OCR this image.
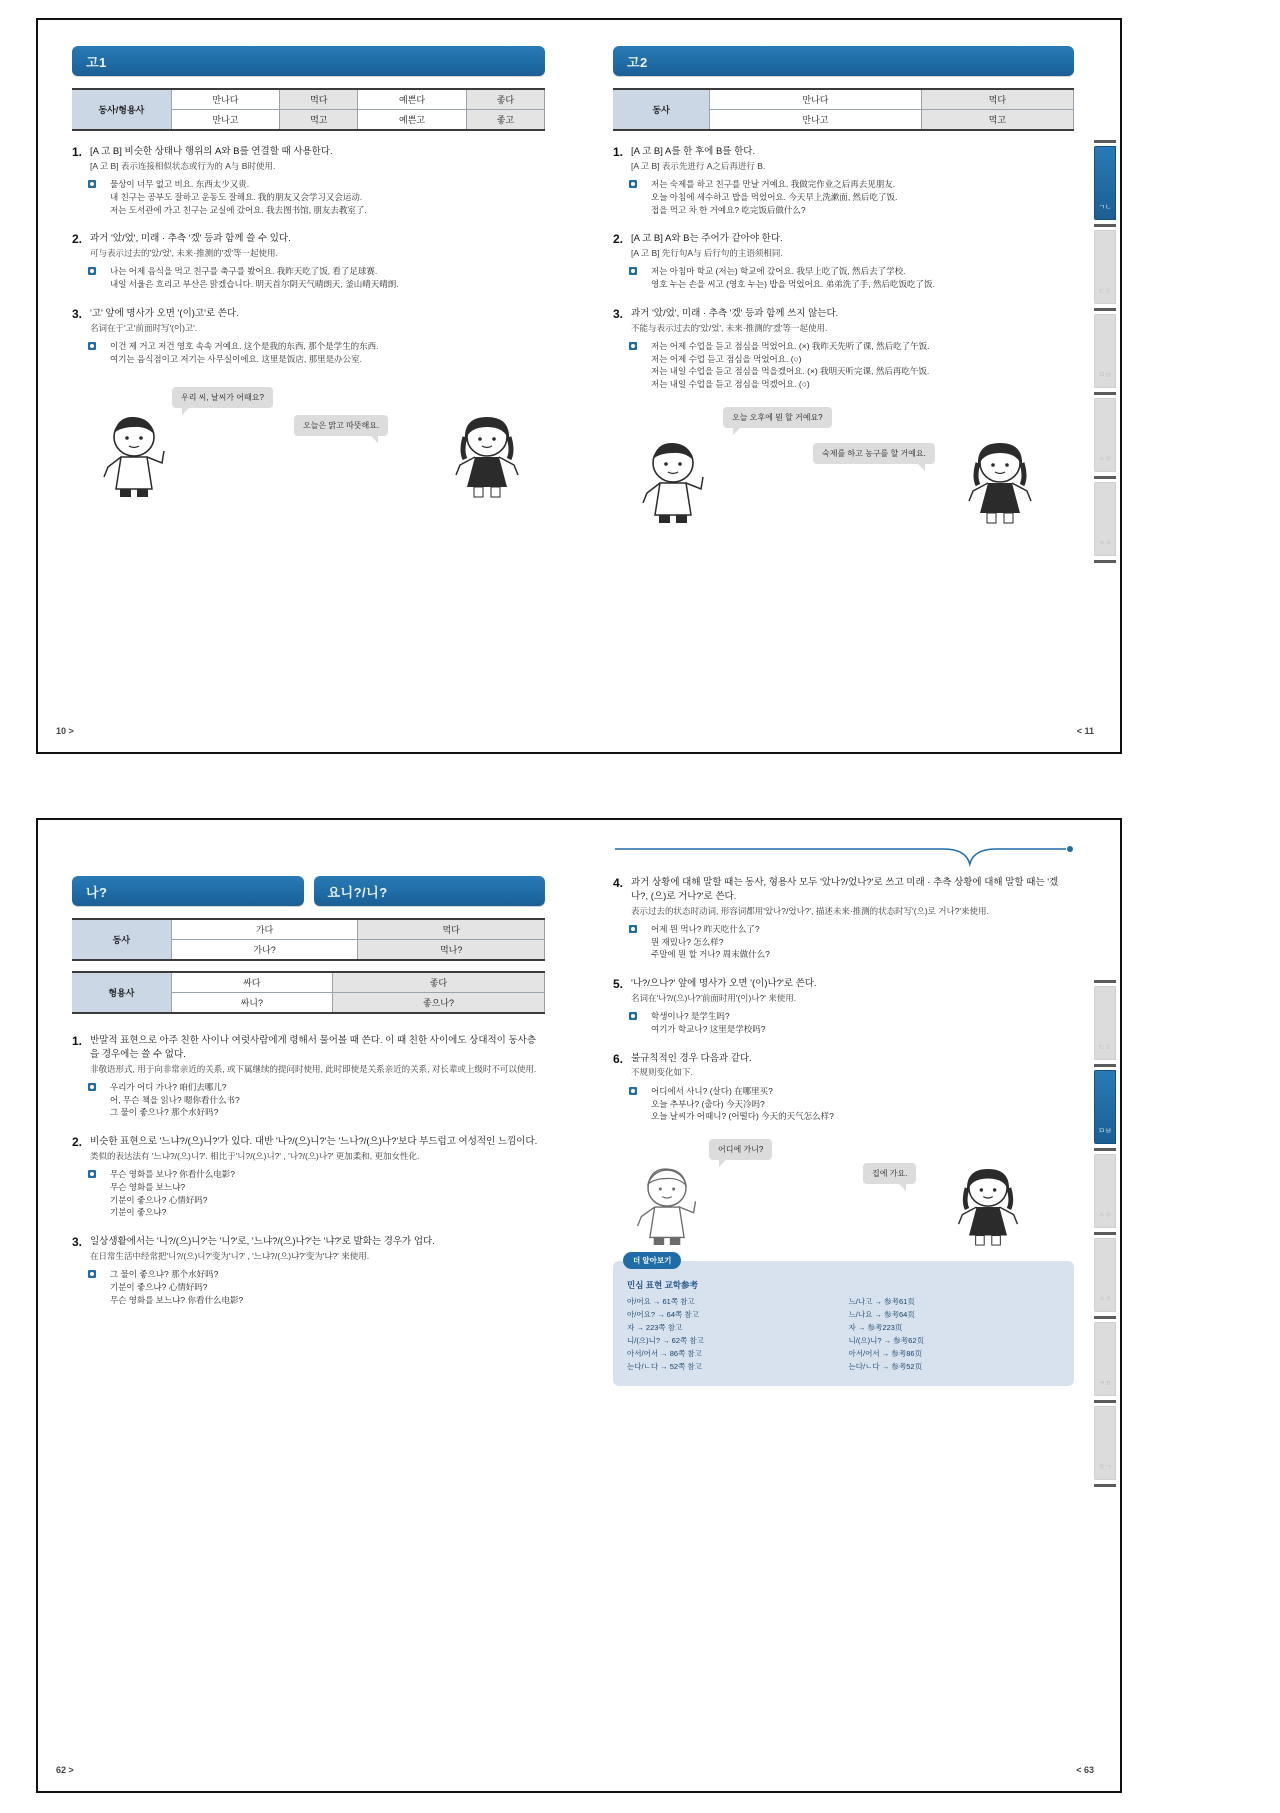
고1
동사/형용사	만나다	먹다	예쁜다	좋다
	만나고	먹고	예쁜고	좋고
1. [A 고 B] 비슷한 상태나 행위의 A와 B를 연결할 때 사용한다.
[A 고 B] 表示连接相似状态或行为的 A与 B时使用.
물상이 너무 없고 비요. 东西太少又贵.
내 친구는 공부도 잘하고 운동도 잘해요. 我的朋友又会学习又会运动.
저는 도서관에 가고 친구는 교실에 갔어요. 我去图书馆, 朋友去教室了.
2. 과거 '았/었', 미래 · 추측 '겠' 등과 함께 쓸 수 있다.
可与表示过去的'았/었', 未来·推测的'겠'等一起使用.
나는 어제 음식을 먹고 친구를 축구를 봤어요. 我昨天吃了饭, 看了足球赛.
내일 서울은 흐리고 부산은 맑겠습니다. 明天首尔阴天气晴朗天, 釜山晴天晴朗.
3. '고' 앞에 명사가 오면 '(이)고'로 쓴다.
名词在于'고'前面时写'(이)고'.
이건 제 거고 저건 영호 속속 거예요. 这个是我的东西, 那个是学生的东西.
여기는 음식점이고 저기는 사무실이에요. 这里是饭店, 那里是办公室.
우리 씨, 날씨가 어때요?
오늘은 맑고 따뜻해요.
10 >
고2
동사	만나다	먹다
	만나고	먹고
1. [A 고 B] A를 한 후에 B를 한다.
[A 고 B] 表示先进行 A之后再进行 B.
저는 숙제를 하고 친구를 만날 거예요. 我做完作业之后再去见朋友.
오늘 아침에 세수하고 밥을 먹었어요. 今天早上洗漱面, 然后吃了饭.
접을 먹고 차 한 거예요? 吃完饭后做什么?
2. [A 고 B] A와 B는 주어가 같아야 한다.
[A 고 B] 先行句A与 后行句的主语须相同.
저는 아침마 학교 (저는) 학교에 갔어요. 我早上吃了饭, 然后去了学校.
영호 누는 손을 씨고 (영호 누는) 밥을 먹었어요. 弟弟洗了手, 然后吃饭吃了饭.
3. 과거 '았/었', 미래 · 추측 '겠' 등과 함께 쓰지 않는다.
不能与表示过去的'았/었', 未来·推测的'겠'等一起使用.
저는 어제 수업을 듣고 점심을 먹었어요. (×) 我昨天先听了课, 然后吃了午饭.
저는 어제 수업 듣고 점심을 먹었어요. (○)
저는 내일 수업을 듣고 점심을 먹을겠어요. (×) 我明天听完课, 然后再吃午饭.
저는 내일 수업을 듣고 점심을 먹겠어요. (○)
오늘 오후에 뭔 할 거예요?
숙제를 하고 농구를 할 거예요.
ㄱㄴ
ㄷㄹ
ㅁㅂ
ㅅㅇ
ㅈㅊ
< 11
나?	요니?/니?
동사	가다	먹다
	가나?	먹나?
형용사	싸다	좋다
	싸니?	좋으나?
1. 반말적 표현으로 아주 친한 사이나 여럿사람에게 령해서 물어볼 때 쓴다. 이 때 친한 사이에도 상대적이 동사층을 경우에는 쓸 수 없다.
非敬语形式, 用于向非常亲近的关系, 或下属继续的提问时使用, 此时即使是关系亲近的关系, 对长辈或上级时不可以使用.
우리가 어디 가나? 咱们去哪儿?
어, 무슨 책을 읽나? 嗯你看什么书?
그 물이 좋으나? 那个水好吗?
2. 비슷한 표현으로 '느냐?/(으)니?'가 있다. 대반 '나?/(으)니?'는 '느나?/(으)나?'보다 부드럽고 여성적인 느낌이다.
类似的表达法有 '느냐?/(으)니?'. 相比于'니?/(으)니?' , '나?/(으)나?' 更加柔和, 更加女性化.
무슨 영화를 보나? 你看什么电影?
무슨 영화를 보느냐?
기분이 좋으나? 心情好吗?
기분이 좋으냐?
3. 일상생활에서는 '니?/(으)니?'는 '니?'로, '느냐?/(으)나?'는 '냐?'로 발화는 경우가 업다.
在日常生活中经常把'니?/(으)니?'变为'니?' , '느냐?/(으)냐?'变为'냐?' 来使用.
그 물이 좋으냐? 那个水好吗?
기분이 좋으냐? 心情好吗?
무슨 영화를 보느냐? 你看什么电影?
62 >
4. 과거 상황에 대해 말할 때는 동사, 형용사 모두 '았나?/었나?'로 쓰고 미래 · 추측 상황에 대해 말할 때는 '겠나?, (으)로 거나?'로 쓴다.
表示过去的状态时动词, 形容词都用'았나?/었나?', 描述未来·推测的状态时写'(으)로 거나?'来使用.
어제 뭔 먹나? 昨天吃什么了?
뭔 재밌나? 怎么样?
주말에 뭔 할 거나? 周末做什么?
5. '나?/으나?' 앞에 명사가 오면 '(이)나?'로 쓴다.
名词在'나?/(으)나?'前面时用'(이)나?' 来使用.
학생이나? 是学生吗?
여기가 학교나? 这里是学校吗?
6. 불규칙적인 경우 다음과 같다.
不规则变化如下.
어디에서 사니? (살다) 在哪里买?
오늘 추부나? (춥다) 今天冷吗?
오늘 날씨가 어때니? (어떨다) 今天的天气怎么样?
어디에 가니?
집에 가요.
더 알아보기
민심 표현 교학参考
아/어요 → 61쪽 참고	느/나고 → 参考61页
아/어요? → 64쪽 참고	느/나요 → 参考64页
자 → 223쪽 참고	자 → 参考223页
니/(으)니? → 62쪽 참고	니/(으)니? → 参考62页
아서/어서 → 86쪽 참고	아서/어서 → 参考86页
는다/ㄴ다 → 52쪽 참고	는다/ㄴ다 → 参考52页
ㄷㄹ
ㅁㅂ
ㅅㅇ
ㅈㅊ
ㅋㅍ
ㅎㄱ
< 63
